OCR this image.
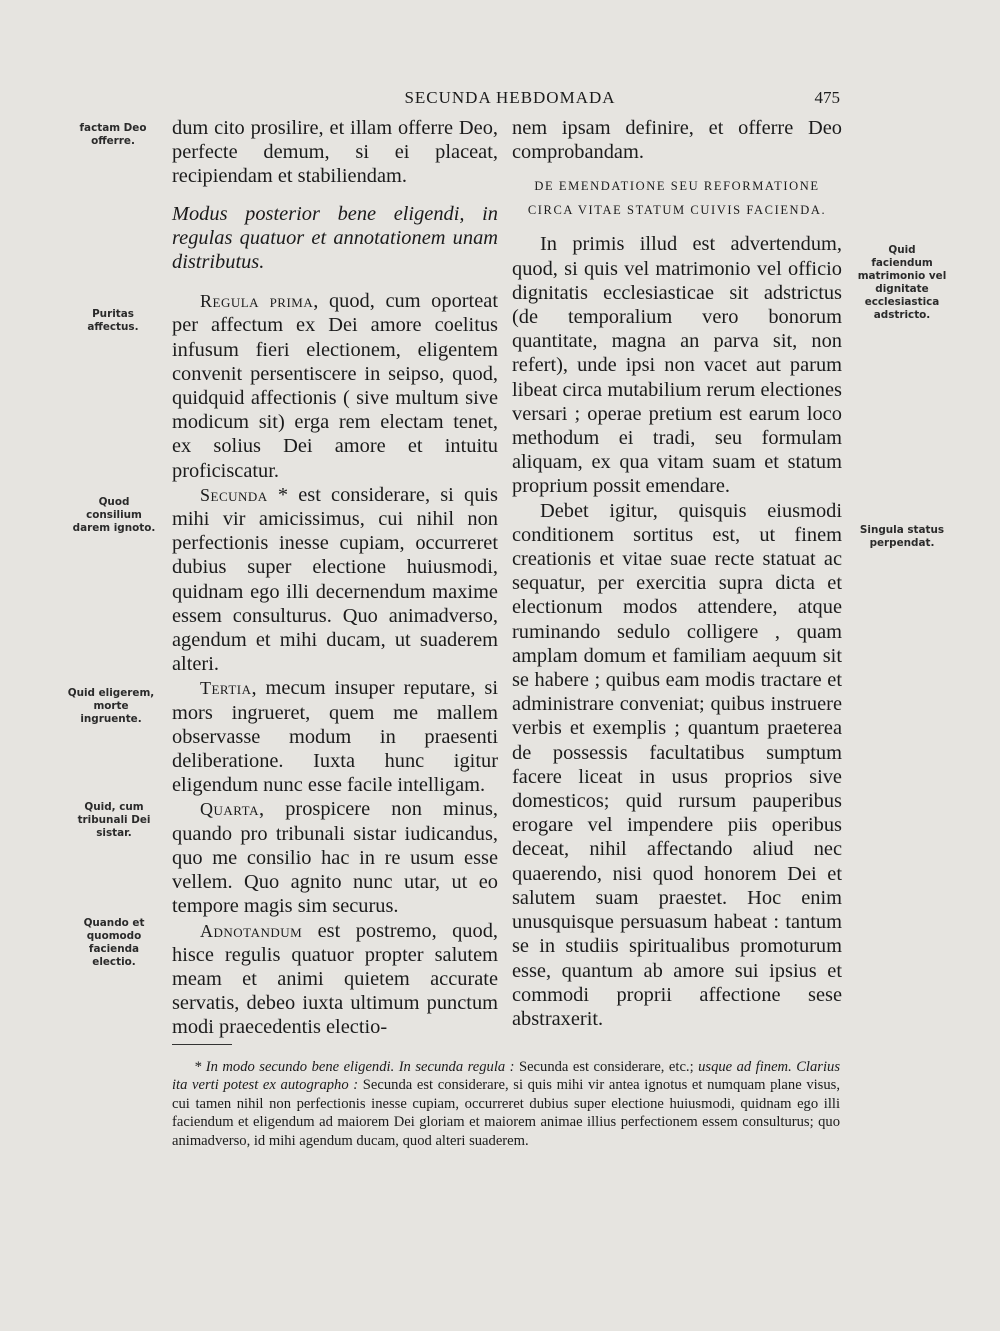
SECUNDA HEBDOMADA	475
factam Deo offerre.
Puritas affectus.
Quod consilium darem ignoto.
Quid eligerem, morte ingruente.
Quid, cum tribunali Dei sistar.
Quando et quomodo facienda electio.
Quid faciendum matrimonio vel dignitate ecclesiastica adstricto.
Singula status perpendat.

dum cito prosilire, et illam offerre Deo, perfecte demum, si ei placeat, recipiendam et stabiliendam.

Modus posterior bene eligendi, in regulas quatuor et annotationem unam distributus.

Regula prima, quod, cum oporteat per affectum ex Dei amore coelitus infusum fieri electionem, eligentem convenit persentiscere in seipso, quod, quidquid affectionis ( sive multum sive modicum sit) erga rem electam tenet, ex solius Dei amore et intuitu proficiscatur.

Secunda * est considerare, si quis mihi vir amicissimus, cui nihil non perfectionis inesse cupiam, occurreret dubius super electione huiusmodi, quidnam ego illi decernendum maxime essem consulturus. Quo animadverso, agendum et mihi ducam, ut suaderem alteri.

Tertia, mecum insuper reputare, si mors ingrueret, quem me mallem observasse modum in praesenti deliberatione. Iuxta hunc igitur eligendum nunc esse facile intelligam.

Quarta, prospicere non minus, quando pro tribunali sistar iudicandus, quo me consilio hac in re usum esse vellem. Quo agnito nunc utar, ut eo tempore magis sim securus.

Adnotandum est postremo, quod, hisce regulis quatuor propter salutem meam et animi quietem accurate servatis, debeo iuxta ultimum punctum modi praecedentis electio-

nem ipsam definire, et offerre Deo comprobandam.

DE EMENDATIONE SEU REFORMATIONE
CIRCA VITAE STATUM CUIVIS FACIENDA.

In primis illud est advertendum, quod, si quis vel matrimonio vel officio dignitatis ecclesiasticae sit adstrictus (de temporalium vero bonorum quantitate, magna an parva sit, non refert), unde ipsi non vacet aut parum libeat circa mutabilium rerum electiones versari ; operae pretium est earum loco methodum ei tradi, seu formulam aliquam, ex qua vitam suam et statum proprium possit emendare.

Debet igitur, quisquis eiusmodi conditionem sortitus est, ut finem creationis et vitae suae recte statuat ac sequatur, per exercitia supra dicta et electionum modos attendere, atque ruminando sedulo colligere , quam amplam domum et familiam aequum sit se habere ; quibus eam modis tractare et administrare conveniat; quibus instruere verbis et exemplis ; quantum praeterea de possessis facultatibus sumptum facere liceat in usus proprios sive domesticos; quid rursum pauperibus erogare vel impendere piis operibus deceat, nihil affectando aliud nec quaerendo, nisi quod honorem Dei et salutem suam praestet. Hoc enim unusquisque persuasum habeat : tantum se in studiis spiritualibus promoturum esse, quantum ab amore sui ipsius et commodi proprii affectione sese abstraxerit.

* In modo secundo bene eligendi. In secunda regula : Secunda est considerare, etc.; usque ad finem. Clarius ita verti potest ex autographo : Secunda est considerare, si quis mihi vir antea ignotus et numquam plane visus, cui tamen nihil non perfectionis inesse cupiam, occurreret dubius super electione huiusmodi, quidnam ego illi faciendum et eligendum ad maiorem Dei gloriam et maiorem animae illius perfectionem essem consulturus; quo animadverso, id mihi agendum ducam, quod alteri suaderem.
